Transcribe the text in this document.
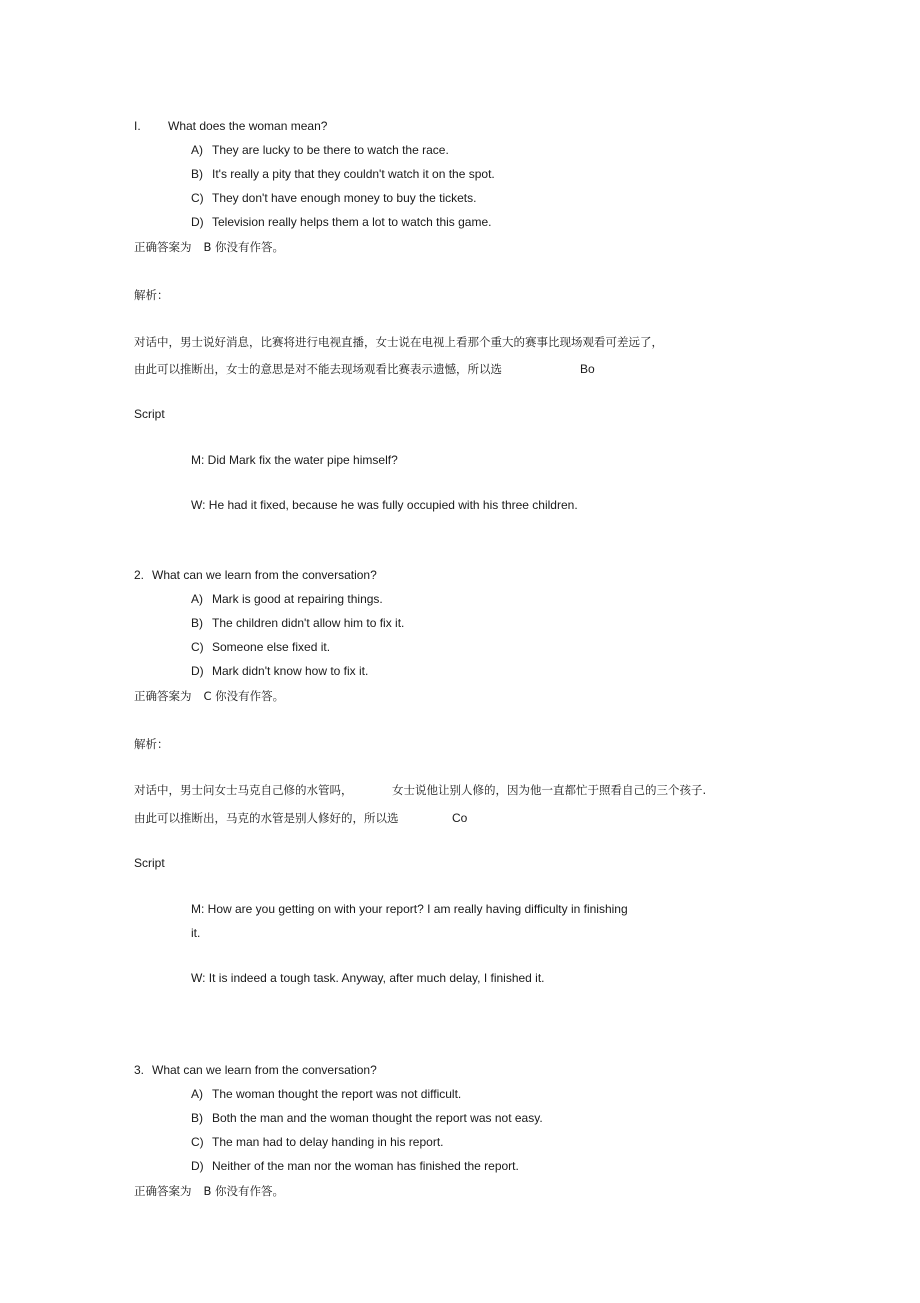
I. What does the woman mean?
A) They are lucky to be there to watch the race.
B) It's really a pity that they couldn't watch it on the spot.
C) They don't have enough money to buy the tickets.
D) Television really helps them a lot to watch this game.
正确答案为 B 你没有作答。
解析：
对话中，男士说好消息，比赛将进行电视直播，女士说在电视上看那个重大的赛事比现场观看可差远了，
由此可以推断出，女士的意思是对不能去现场观看比赛表示遗憾，所以选	Bo
Script
M: Did Mark fix the water pipe himself?
W: He had it fixed, because he was fully occupied with his three children.
2. What can we learn from the conversation?
A) Mark is good at repairing things.
B) The children didn't allow him to fix it.
C) Someone else fixed it.
D) Mark didn't know how to fix it.
正确答案为 C 你没有作答。
解析：
对话中，男士问女士马克自己修的水管吗，	女士说他让别人修的，因为他一直都忙于照看自己的三个孩子.
由此可以推断出，马克的水管是别人修好的，所以选	Co
Script
M: How are you getting on with your report? I am really having difficulty in finishing
it.
W: It is indeed a tough task. Anyway, after much delay, I finished it.
3. What can we learn from the conversation?
A) The woman thought the report was not difficult.
B) Both the man and the woman thought the report was not easy.
C) The man had to delay handing in his report.
D) Neither of the man nor the woman has finished the report.
正确答案为 B 你没有作答。
